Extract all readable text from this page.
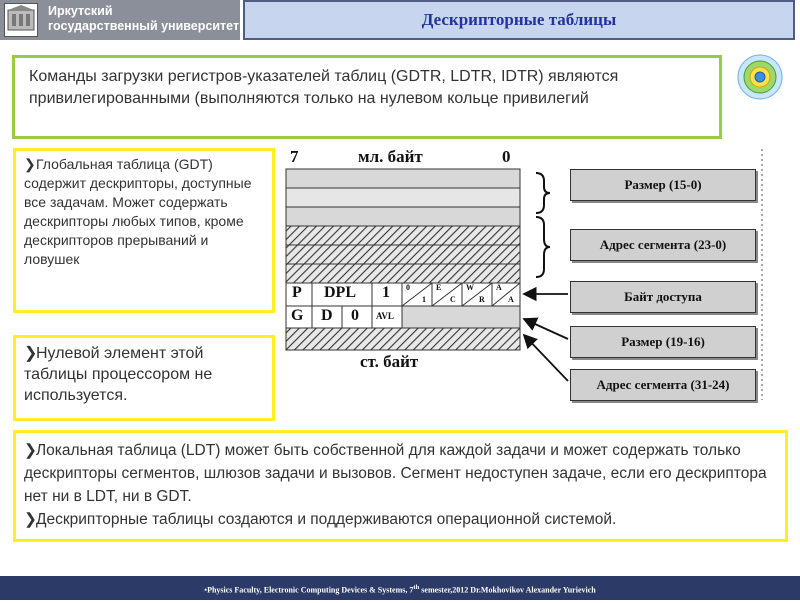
Иркутский
государственный университет	Дескрипторные таблицы
Команды загрузки регистров-указателей таблиц (GDTR, LDTR, IDTR) являются привилегированными (выполняются только на нулевом кольце привилегий
❯Глобальная таблица (GDT) содержит дескрипторы, доступные все задачам. Может содержать дескрипторы любых типов, кроме дескрипторов прерываний и ловушек
❯Нулевой элемент этой таблицы процессором не используется.
❯Локальная таблица (LDT) может быть собственной для каждой задачи и может содержать только дескрипторы сегментов, шлюзов задачи и вызовов. Сегмент недоступен задаче, если его дескриптора нет ни в LDT, ни в GDT.
❯Дескрипторные таблицы создаются и поддерживаются операционной системой.
7	мл. байт	0
ст. байт
P DPL 1 0
1
E
C
W
R
A
A
G D 0 AVL
Размер (15-0)
Адрес сегмента (23-0)
Байт доступа
Размер (19-16)
Адрес сегмента (31-24)
•Physics Faculty, Electronic Computing Devices & Systems, 7th semester,2012 Dr.Mokhovikov Alexander Yurievich
